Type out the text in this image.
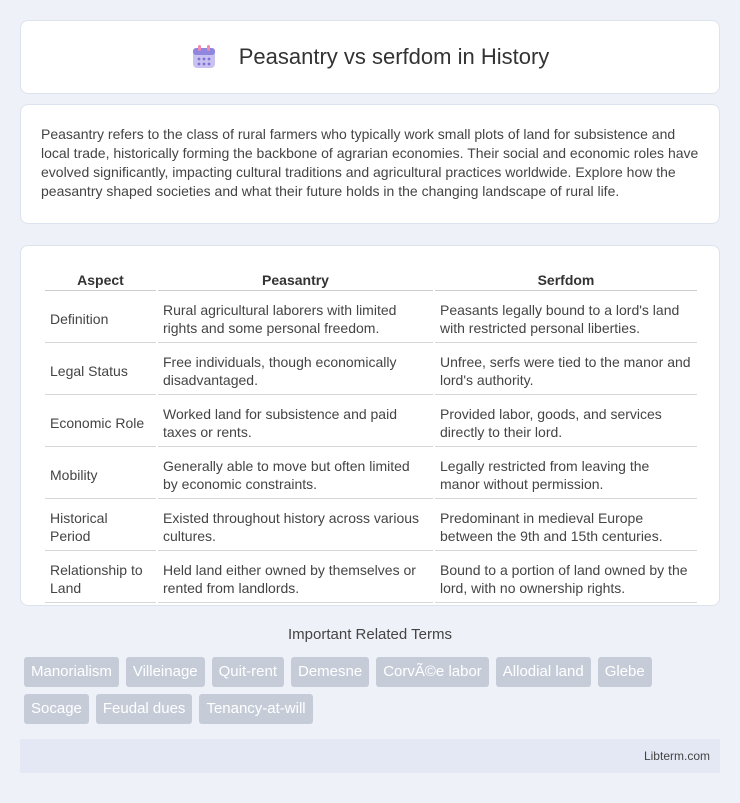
Peasantry vs serfdom in History

Peasantry refers to the class of rural farmers who typically work small plots of land for subsistence and local trade, historically forming the backbone of agrarian economies. Their social and economic roles have evolved significantly, impacting cultural traditions and agricultural practices worldwide. Explore how the peasantry shaped societies and what their future holds in the changing landscape of rural life.

Aspect	Peasantry	Serfdom
Definition	Rural agricultural laborers with limited rights and some personal freedom.	Peasants legally bound to a lord's land with restricted personal liberties.
Legal Status	Free individuals, though economically disadvantaged.	Unfree, serfs were tied to the manor and lord's authority.
Economic Role	Worked land for subsistence and paid taxes or rents.	Provided labor, goods, and services directly to their lord.
Mobility	Generally able to move but often limited by economic constraints.	Legally restricted from leaving the manor without permission.
Historical Period	Existed throughout history across various cultures.	Predominant in medieval Europe between the 9th and 15th centuries.
Relationship to Land	Held land either owned by themselves or rented from landlords.	Bound to a portion of land owned by the lord, with no ownership rights.
Important Related Terms
Manorialism	Villeinage	Quit-rent	Demesne	CorvÃ©e labor	Allodial land	Glebe
Socage	Feudal dues	Tenancy-at-will
Libterm.com
